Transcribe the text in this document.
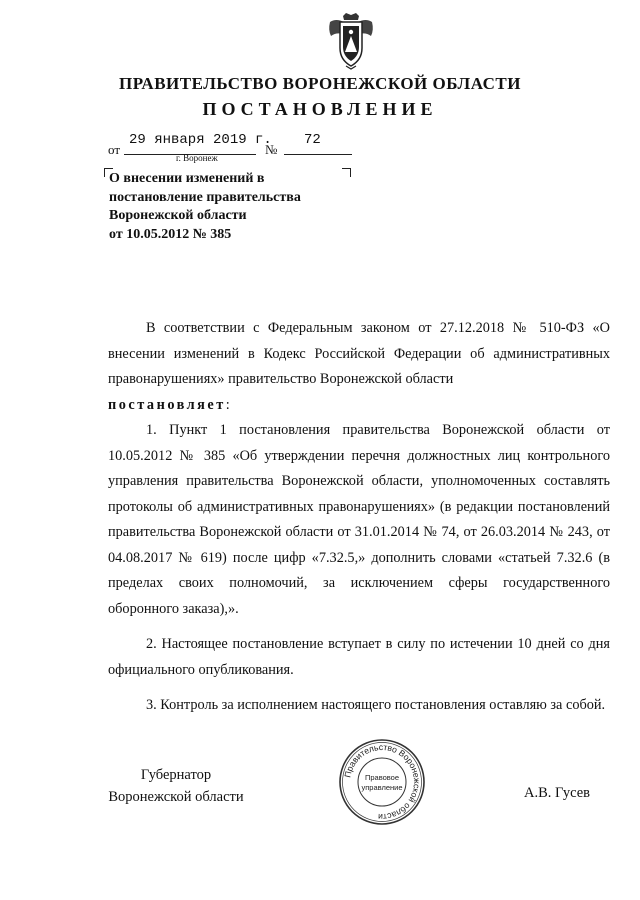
ПРАВИТЕЛЬСТВО ВОРОНЕЖСКОЙ ОБЛАСТИ
ПОСТАНОВЛЕНИЕ
от
29 января 2019 г.
№
72
г. Воронеж
О внесении изменений в
постановление правительства
Воронежской области
от 10.05.2012 № 385

В соответствии с Федеральным законом от 27.12.2018 № 510-ФЗ «О внесении изменений в Кодекс Российской Федерации об административных правонарушениях» правительство Воронежской области

постановляет:

1. Пункт 1 постановления правительства Воронежской области от 10.05.2012 № 385 «Об утверждении перечня должностных лиц контрольного управления правительства Воронежской области, уполномоченных составлять протоколы об административных правонарушениях» (в редакции постановлений правительства Воронежской области от 31.01.2014 № 74, от 26.03.2014 № 243, от 04.08.2017 № 619) после цифр «7.32.5,» дополнить словами «статьей 7.32.6 (в пределах своих полномочий, за исключением сферы государственного оборонного заказа),».

2. Настоящее постановление вступает в силу по истечении 10 дней со дня официального опубликования.

3. Контроль за исполнением настоящего постановления оставляю за собой.

Губернатор
Воронежской области	А.В. Гусев
Правительство Воронежской области
Правовое
управление
